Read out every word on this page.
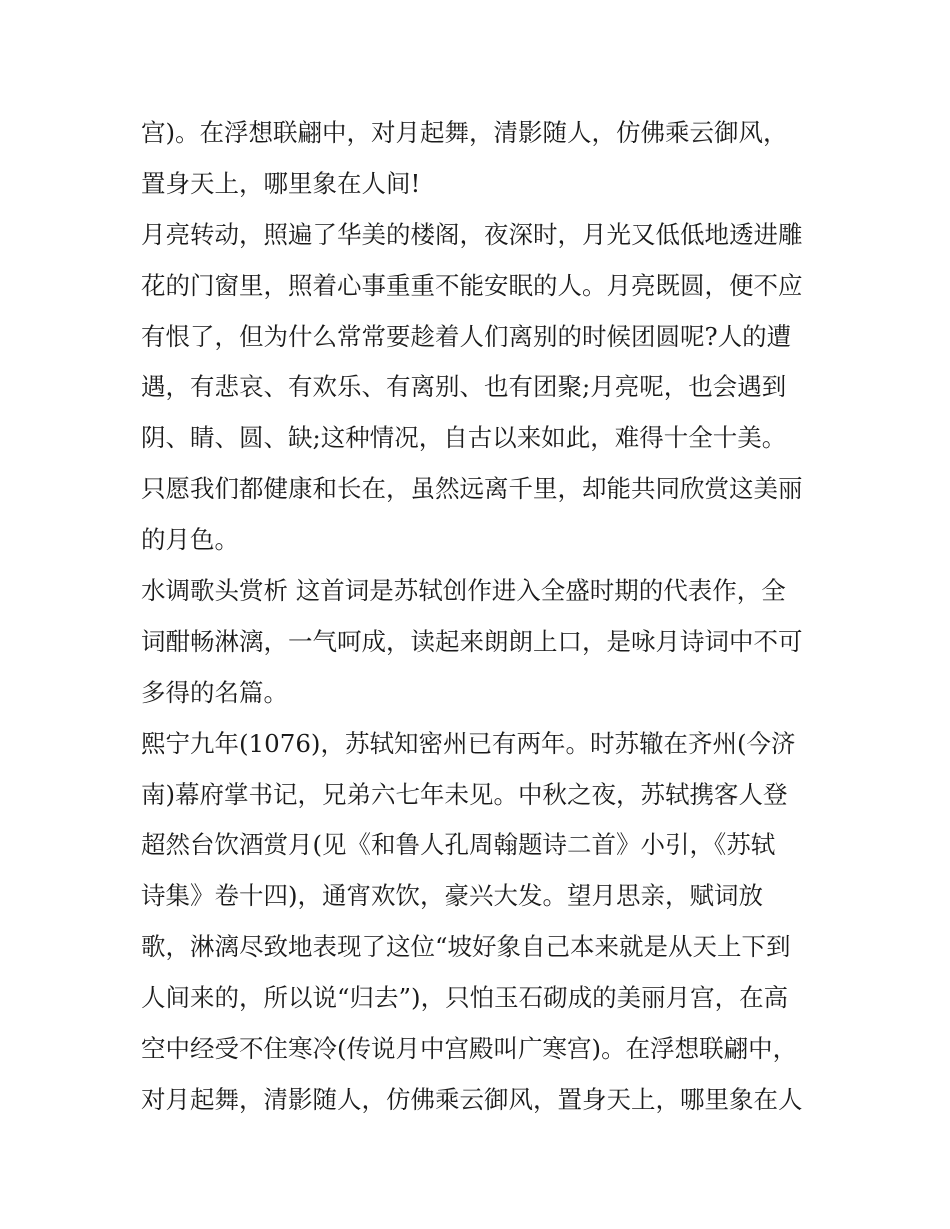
宫)。在浮想联翩中，对月起舞，清影随人，仿佛乘云御风，
置身天上，哪里象在人间!
月亮转动，照遍了华美的楼阁，夜深时，月光又低低地透进雕
花的门窗里，照着心事重重不能安眠的人。月亮既圆，便不应
有恨了，但为什么常常要趁着人们离别的时候团圆呢?人的遭
遇，有悲哀、有欢乐、有离别、也有团聚;月亮呢，也会遇到
阴、睛、圆、缺;这种情况，自古以来如此，难得十全十美。
只愿我们都健康和长在，虽然远离千里，却能共同欣赏这美丽
的月色。
水调歌头赏析 这首词是苏轼创作进入全盛时期的代表作，全
词酣畅淋漓，一气呵成，读起来朗朗上口，是咏月诗词中不可
多得的名篇。
熙宁九年(1076)，苏轼知密州已有两年。时苏辙在齐州(今济
南)幕府掌书记，兄弟六七年未见。中秋之夜，苏轼携客人登
超然台饮酒赏月(见《和鲁人孔周翰题诗二首》小引，《苏轼
诗集》卷十四)，通宵欢饮，豪兴大发。望月思亲，赋词放
歌，淋漓尽致地表现了这位“坡好象自己本来就是从天上下到
人间来的，所以说“归去”)，只怕玉石砌成的美丽月宫，在高
空中经受不住寒冷(传说月中宫殿叫广寒宫)。在浮想联翩中，
对月起舞，清影随人，仿佛乘云御风，置身天上，哪里象在人
